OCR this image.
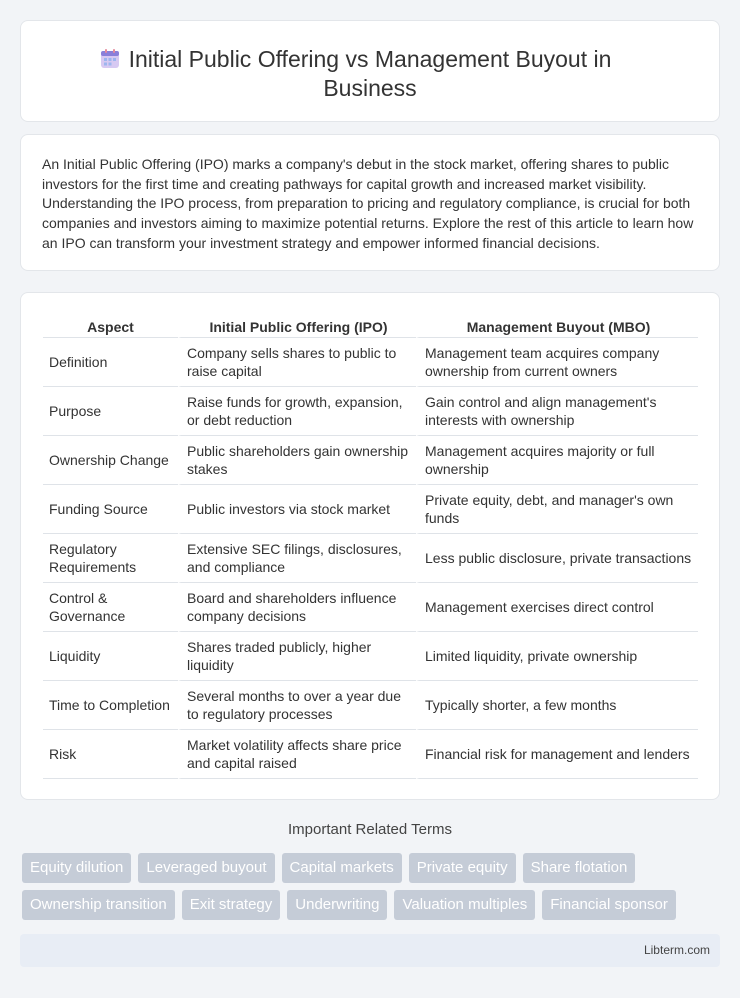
Initial Public Offering vs Management Buyout in Business

An Initial Public Offering (IPO) marks a company's debut in the stock market, offering shares to public investors for the first time and creating pathways for capital growth and increased market visibility. Understanding the IPO process, from preparation to pricing and regulatory compliance, is crucial for both companies and investors aiming to maximize potential returns. Explore the rest of this article to learn how an IPO can transform your investment strategy and empower informed financial decisions.

Aspect	Initial Public Offering (IPO)	Management Buyout (MBO)
Definition	Company sells shares to public to raise capital	Management team acquires company ownership from current owners
Purpose	Raise funds for growth, expansion, or debt reduction	Gain control and align management's interests with ownership
Ownership Change	Public shareholders gain ownership stakes	Management acquires majority or full ownership
Funding Source	Public investors via stock market	Private equity, debt, and manager's own funds
Regulatory Requirements	Extensive SEC filings, disclosures, and compliance	Less public disclosure, private transactions
Control & Governance	Board and shareholders influence company decisions	Management exercises direct control
Liquidity	Shares traded publicly, higher liquidity	Limited liquidity, private ownership
Time to Completion	Several months to over a year due to regulatory processes	Typically shorter, a few months
Risk	Market volatility affects share price and capital raised	Financial risk for management and lenders
Important Related Terms
Equity dilution	Leveraged buyout	Capital markets	Private equity	Share flotation
Ownership transition	Exit strategy	Underwriting	Valuation multiples	Financial sponsor
Libterm.com
